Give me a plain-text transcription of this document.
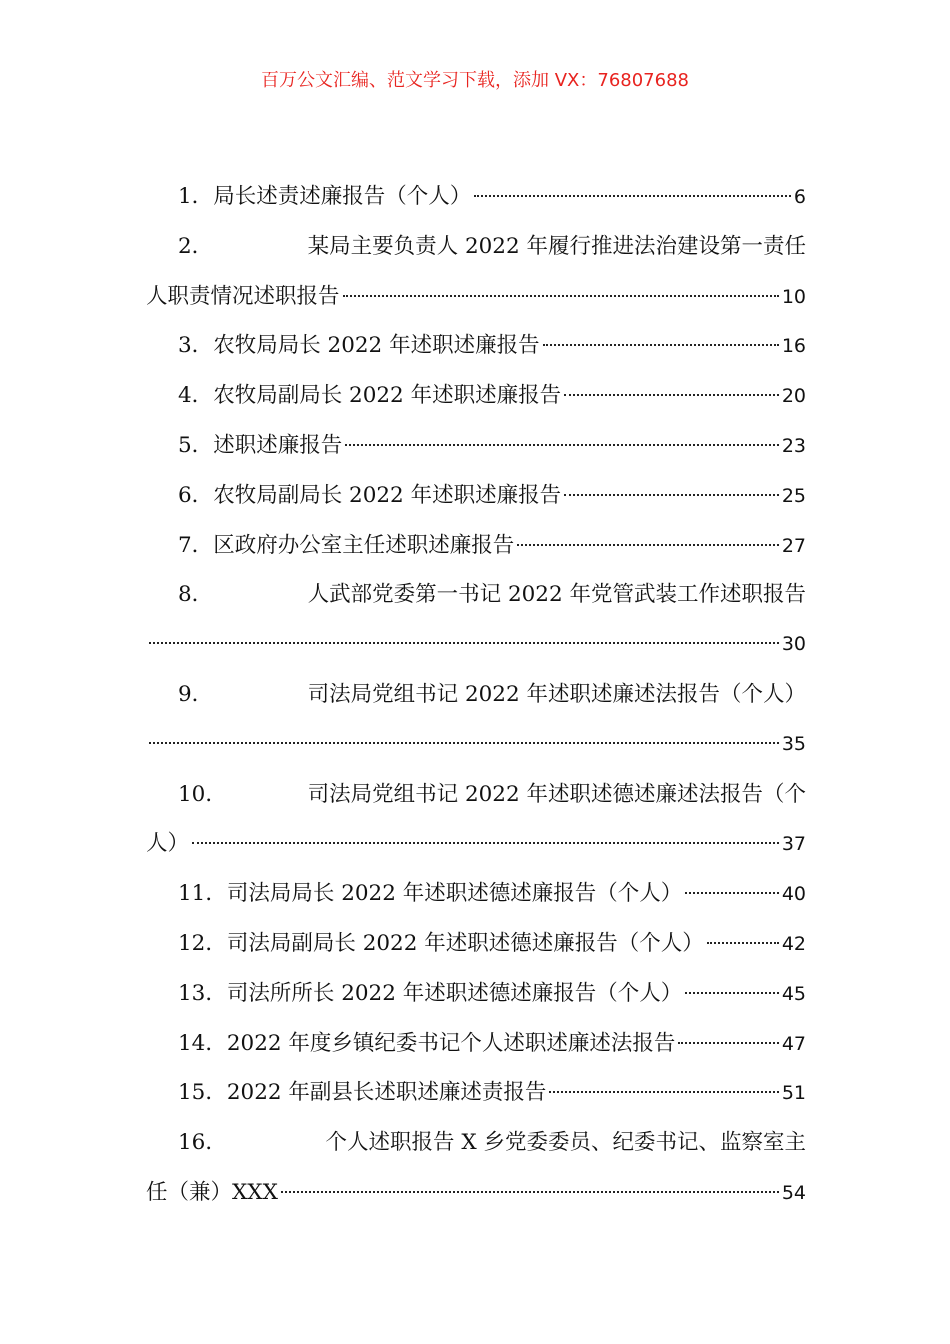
百万公文汇编、范文学习下载，添加 VX：76807688
1． 局长述责述廉报告（个人）	6
2．	某局主要负责人 2022 年履行推进法治建设第一责任
人职责情况述职报告	10
3． 农牧局局长 2022 年述职述廉报告	16
4． 农牧局副局长 2022 年述职述廉报告	20
5． 述职述廉报告	23
6． 农牧局副局长 2022 年述职述廉报告	25
7． 区政府办公室主任述职述廉报告	27
8．	人武部党委第一书记 2022 年党管武装工作述职报告
30
9．	司法局党组书记 2022 年述职述廉述法报告（个人）
35
10．	司法局党组书记 2022 年述职述德述廉述法报告（个
人）	37
11． 司法局局长 2022 年述职述德述廉报告（个人）	40
12． 司法局副局长 2022 年述职述德述廉报告（个人）	42
13． 司法所所长 2022 年述职述德述廉报告（个人）	45
14． 2022 年度乡镇纪委书记个人述职述廉述法报告	47
15． 2022 年副县长述职述廉述责报告	51
16．	个人述职报告 X 乡党委委员、纪委书记、监察室主
任（兼）XXX	54
